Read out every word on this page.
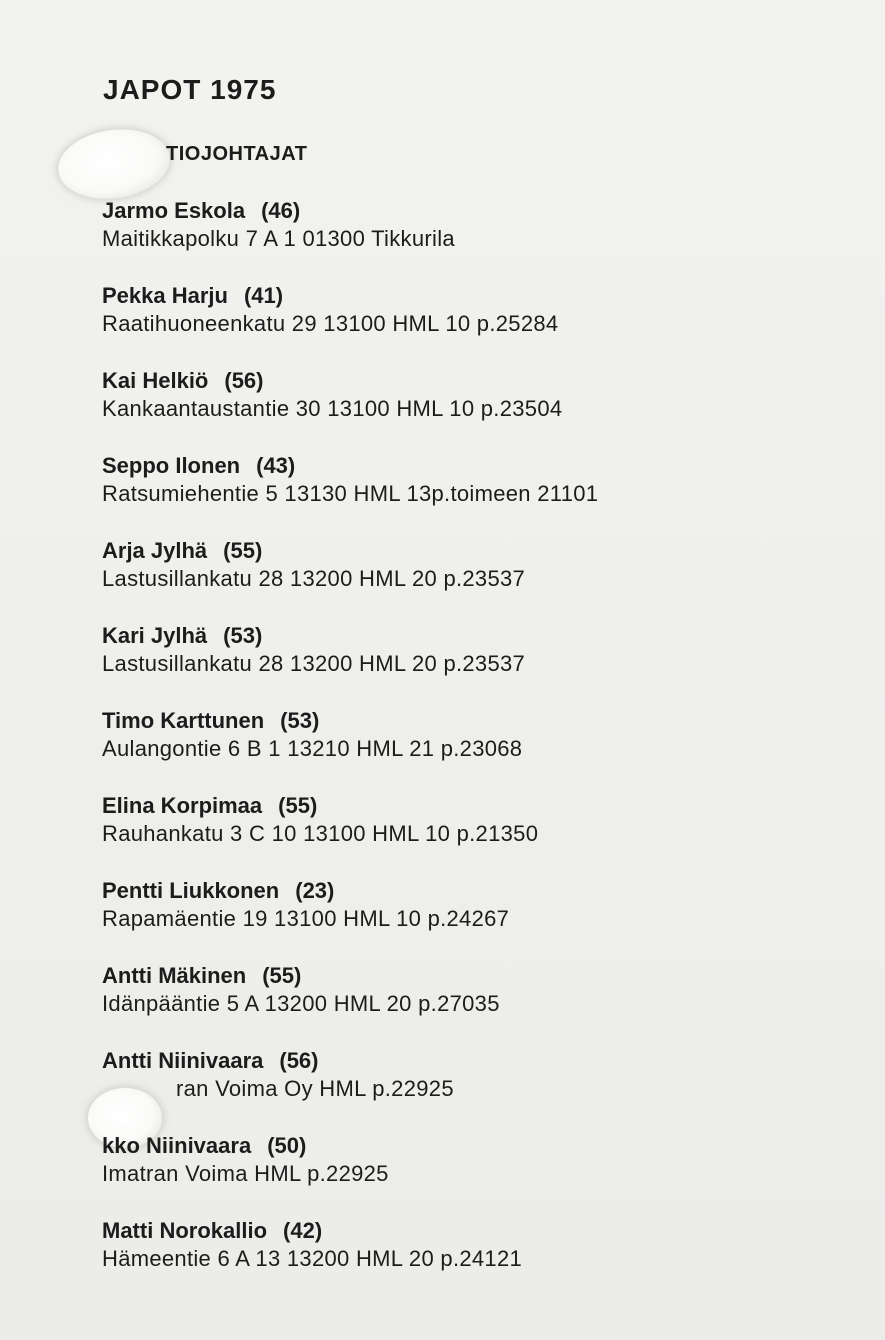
JAPOT 1975
TIOJOHTAJAT
Jarmo Eskola (46)
Maitikkapolku 7 A 1 01300 Tikkurila
Pekka Harju (41)
Raatihuoneenkatu 29 13100 HML 10 p.25284
Kai Helkiö (56)
Kankaantaustantie 30 13100 HML 10 p.23504
Seppo Ilonen (43)
Ratsumiehentie 5 13130 HML 13p.toimeen 21101
Arja Jylhä (55)
Lastusillankatu 28 13200 HML 20 p.23537
Kari Jylhä (53)
Lastusillankatu 28 13200 HML 20 p.23537
Timo Karttunen (53)
Aulangontie 6 B 1 13210 HML 21 p.23068
Elina Korpimaa (55)
Rauhankatu 3 C 10 13100 HML 10 p.21350
Pentti Liukkonen (23)
Rapamäentie 19 13100 HML 10 p.24267
Antti Mäkinen (55)
Idänpääntie 5 A 13200 HML 20 p.27035
Antti Niinivaara (56)
ran Voima Oy HML p.22925
kko Niinivaara (50)
Imatran Voima HML p.22925
Matti Norokallio (42)
Hämeentie 6 A 13 13200 HML 20 p.24121
